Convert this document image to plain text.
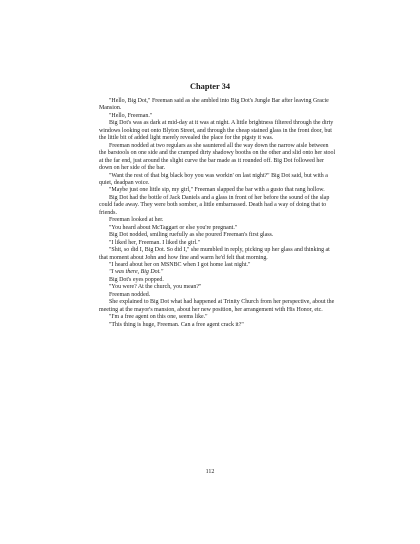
Chapter 34

"Hello, Big Dot," Freeman said as she ambled into Big Dot's Jungle Bar after leaving Gracie Mansion.

"Hello, Freeman."

Big Dot's was as dark at mid-day at it was at night. A little brightness filtered through the dirty windows looking out onto Blyton Street, and through the cheap stained glass in the front door, but the little bit of added light merely revealed the place for the pigsty it was.

Freeman nodded at two regulars as she sauntered all the way down the narrow aisle between the barstools on one side and the cramped dirty shadowy booths on the other and slid onto her stool at the far end, just around the slight curve the bar made as it rounded off. Big Dot followed her down on her side of the bar.

"Want the rest of that big black boy you was workin' on last night?" Big Dot said, but with a quiet, deadpan voice.

"Maybe just one little sip, my girl," Freeman slapped the bar with a gusto that rang hollow.

Big Dot had the bottle of Jack Daniels and a glass in front of her before the sound of the slap could fade away. They were both somber, a little embarrassed. Death had a way of doing that to friends.

Freeman looked at her.

"You heard about McTaggart or else you're pregnant."

Big Dot nodded, smiling ruefully as she poured Freeman's first glass.

"I liked her, Freeman. I liked the girl."

"Shit, so did I, Big Dot. So did I," she mumbled in reply, picking up her glass and thinking at that moment about John and how fine and warm he'd felt that morning.

"I heard about her on MSNBC when I got home last night."

"I was there, Big Dot."

Big Dot's eyes popped.

"You were? At the church, you mean?"

Freeman nodded.

She explained to Big Dot what had happened at Trinity Church from her perspective, about the meeting at the mayor's mansion, about her new position, her arrangement with His Honor, etc.

"I'm a free agent on this one, seems like."

"This thing is huge, Freeman. Can a free agent crack it?"

112
